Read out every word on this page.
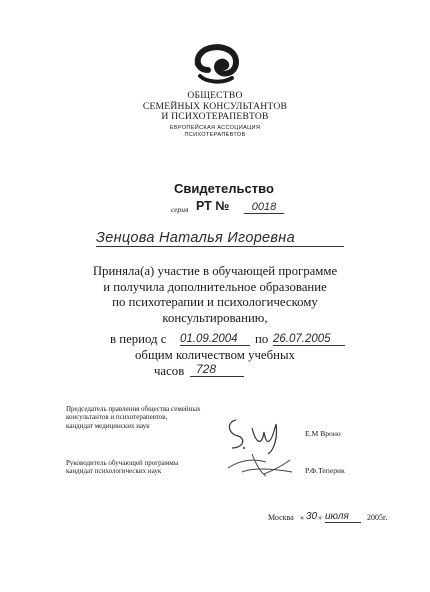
ОБЩЕСТВО
СЕМЕЙНЫХ КОНСУЛЬТАНТОВ
И ПСИХОТЕРАПЕВТОВ
ЕВРОПЕЙСКАЯ АССОЦИАЦИЯ
ПСИХОТЕРАПЕВТОВ
Свидетельство
серия РТ №	0018
Зенцова Наталья Игоревна
Приняла(а) участие в обучающей программе
и получила дополнительное образование
по психотерапии и психологическому
консультированию,
в период с 01.09.2004	по 26.07.2005
общим количеством учебных
часов 728
Председатель правления общества семейных
консультантов и психотерапевтов,
кандидат медицинских наук
Е.М Вроно
Руководитель обучающей программы
кандидат психологических наук	Р.Ф.Теперик
Москва « 30 » июля	2005г.
